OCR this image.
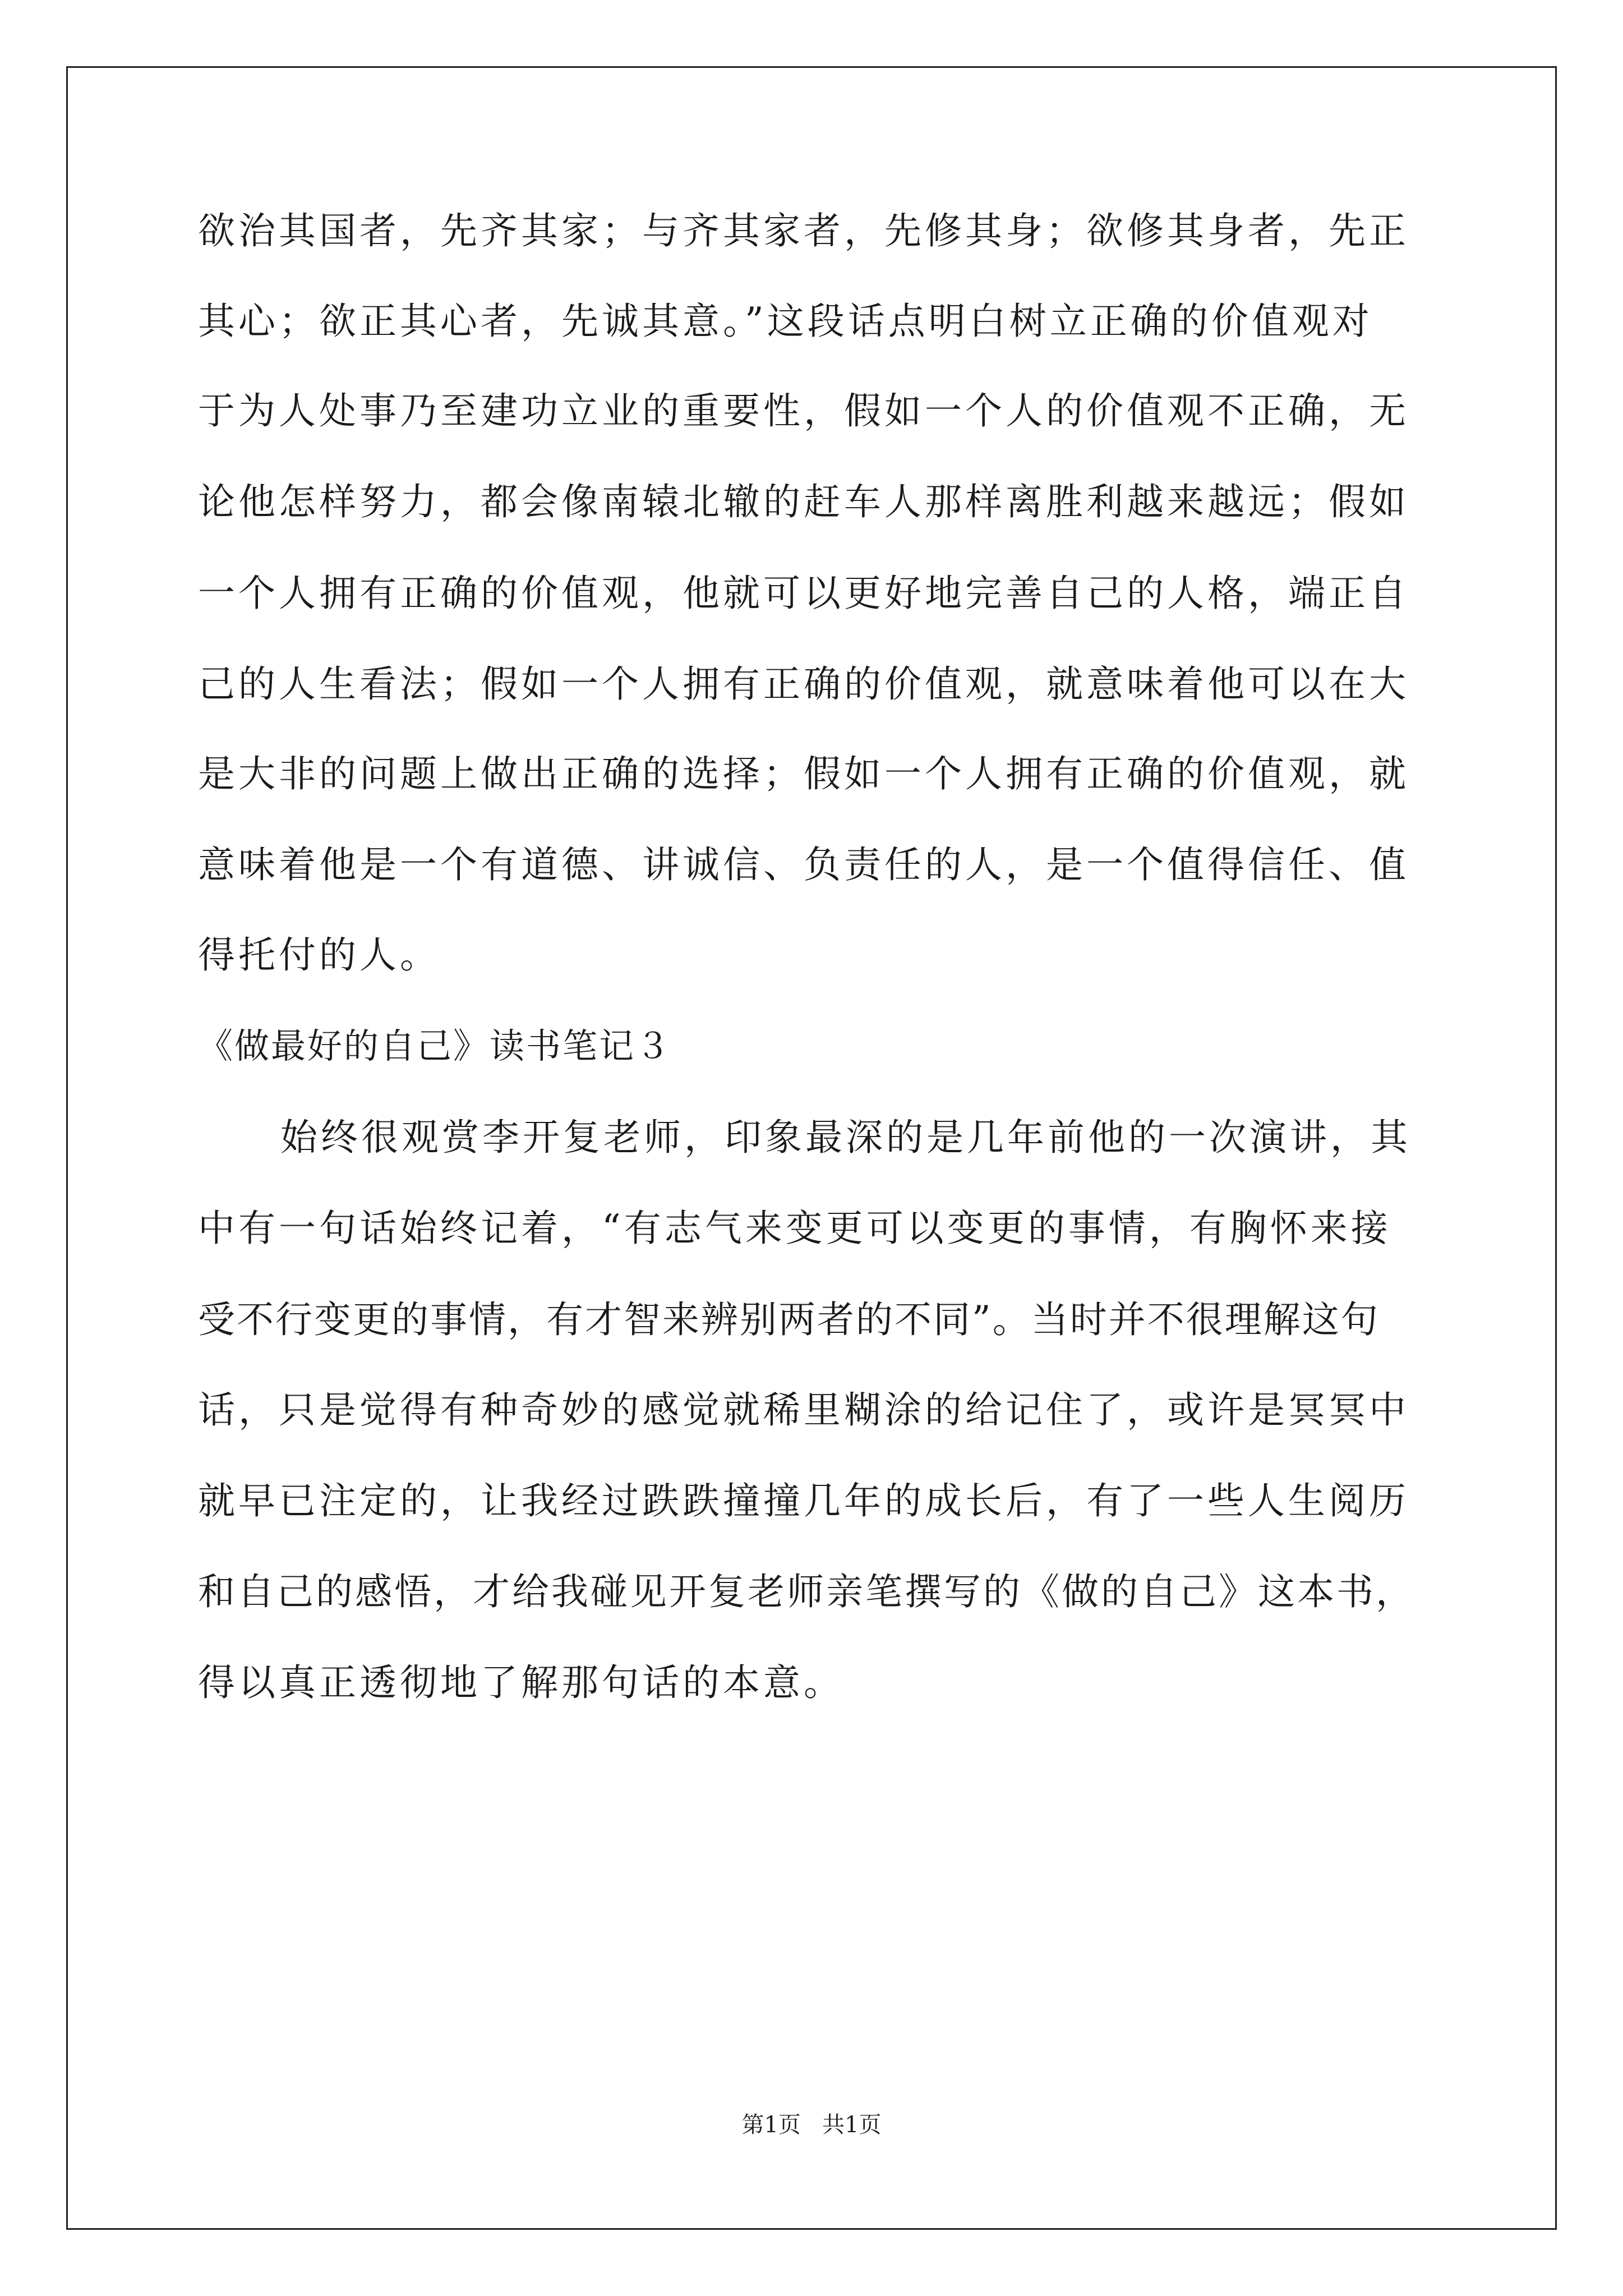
欲治其国者，先齐其家；与齐其家者，先修其身；欲修其身者，先正
其心；欲正其心者，先诚其意。”这段话点明白树立正确的价值观对
于为人处事乃至建功立业的重要性，假如一个人的价值观不正确，无
论他怎样努力，都会像南辕北辙的赶车人那样离胜利越来越远；假如
一个人拥有正确的价值观，他就可以更好地完善自己的人格，端正自
己的人生看法；假如一个人拥有正确的价值观，就意味着他可以在大
是大非的问题上做出正确的选择；假如一个人拥有正确的价值观，就
意味着他是一个有道德、讲诚信、负责任的人，是一个值得信任、值
得托付的人。
《做最好的自己》读书笔记３
始终很观赏李开复老师，印象最深的是几年前他的一次演讲，其
中有一句话始终记着，“有志气来变更可以变更的事情，有胸怀来接
受不行变更的事情，有才智来辨别两者的不同”。当时并不很理解这句
话，只是觉得有种奇妙的感觉就稀里糊涂的给记住了，或许是冥冥中
就早已注定的，让我经过跌跌撞撞几年的成长后，有了一些人生阅历
和自己的感悟，才给我碰见开复老师亲笔撰写的《做的自己》这本书，
得以真正透彻地了解那句话的本意。
第1页   共1页
